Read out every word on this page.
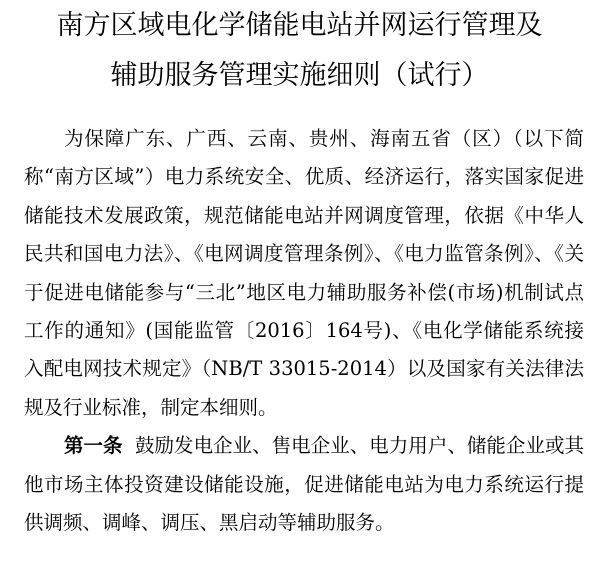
南方区域电化学储能电站并网运行管理及
辅助服务管理实施细则（试行）

为保障广东、广西、云南、贵州、海南五省（区）（以下简称“南方区域”）电力系统安全、优质、经济运行，落实国家促进储能技术发展政策，规范储能电站并网调度管理，依据《中华人民共和国电力法》、《电网调度管理条例》、《电力监管条例》、《关于促进电储能参与“三北”地区电力辅助服务补偿(市场)机制试点工作的通知》(国能监管〔2016〕164号)、《电化学储能系统接入配电网技术规定》（NB/T 33015-2014）以及国家有关法律法规及行业标准，制定本细则。

第一条 鼓励发电企业、售电企业、电力用户、储能企业或其他市场主体投资建设储能设施，促进储能电站为电力系统运行提供调频、调峰、调压、黑启动等辅助服务。
